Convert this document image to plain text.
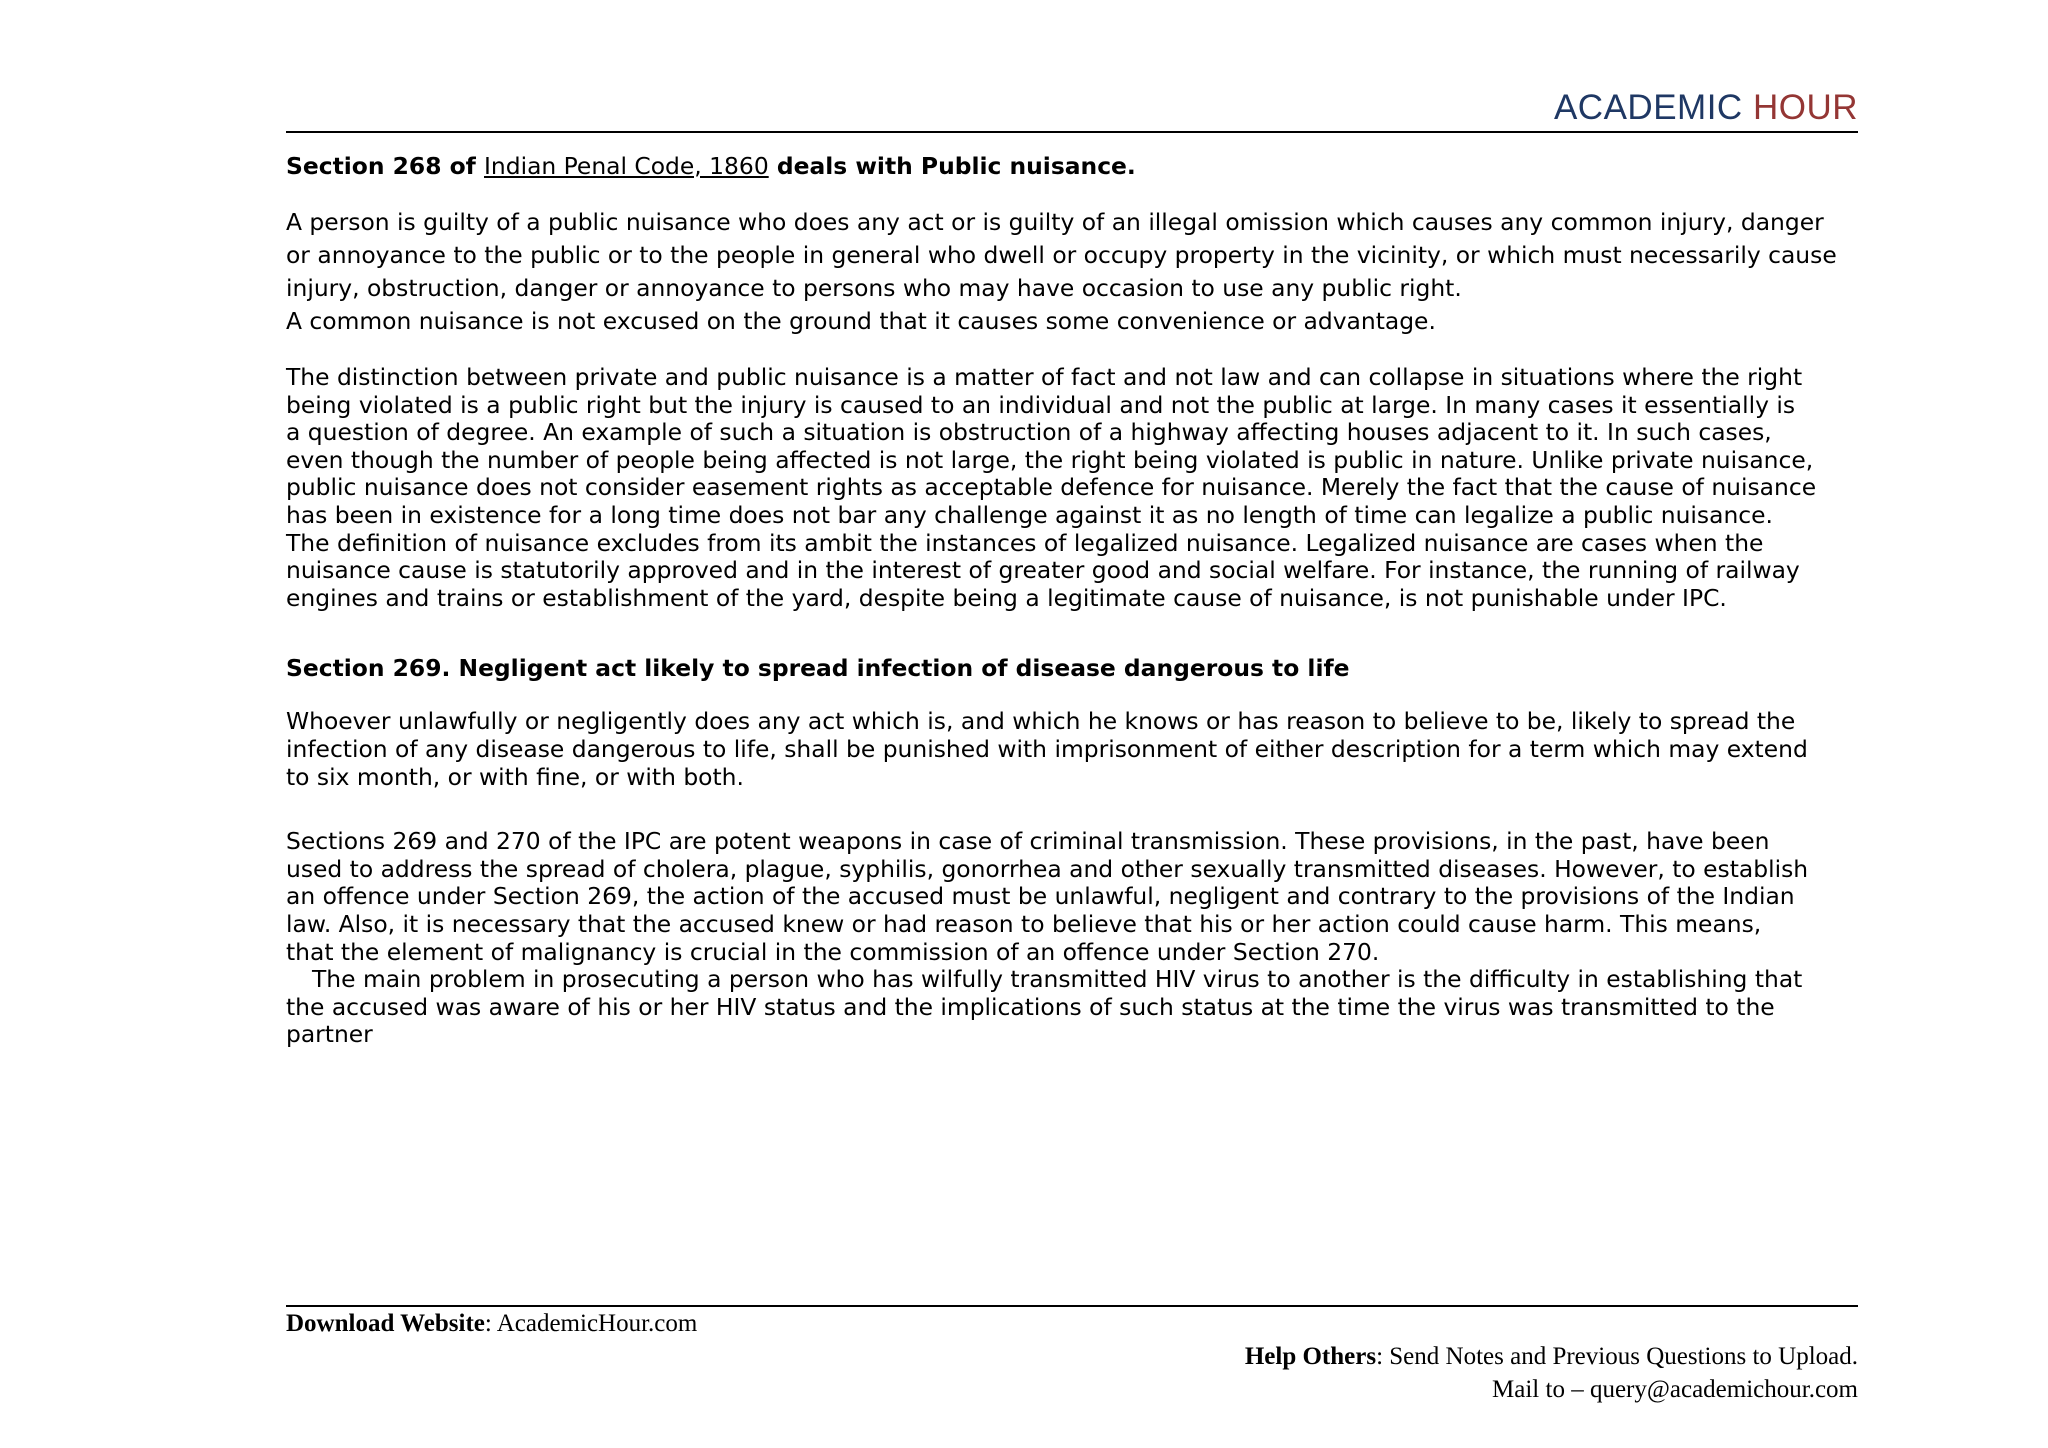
ACADEMIC HOUR

Section 268 of Indian Penal Code, 1860 deals with Public nuisance.

A person is guilty of a public nuisance who does any act or is guilty of an illegal omission which causes any common injury, danger

or annoyance to the public or to the people in general who dwell or occupy property in the vicinity, or which must necessarily cause

injury, obstruction, danger or annoyance to persons who may have occasion to use any public right.

A common nuisance is not excused on the ground that it causes some convenience or advantage.

The distinction between private and public nuisance is a matter of fact and not law and can collapse in situations where the right

being violated is a public right but the injury is caused to an individual and not the public at large. In many cases it essentially is

a question of degree. An example of such a situation is obstruction of a highway affecting houses adjacent to it. In such cases,

even though the number of people being affected is not large, the right being violated is public in nature. Unlike private nuisance,

public nuisance does not consider easement rights as acceptable defence for nuisance. Merely the fact that the cause of nuisance

has been in existence for a long time does not bar any challenge against it as no length of time can legalize a public nuisance.

The definition of nuisance excludes from its ambit the instances of legalized nuisance. Legalized nuisance are cases when the

nuisance cause is statutorily approved and in the interest of greater good and social welfare. For instance, the running of railway

engines and trains or establishment of the yard, despite being a legitimate cause of nuisance, is not punishable under IPC.

Section 269. Negligent act likely to spread infection of disease dangerous to life

Whoever unlawfully or negligently does any act which is, and which he knows or has reason to believe to be, likely to spread the

infection of any disease dangerous to life, shall be punished with imprisonment of either description for a term which may extend

to six month, or with fine, or with both.

Sections 269 and 270 of the IPC are potent weapons in case of criminal transmission. These provisions, in the past, have been

used to address the spread of cholera, plague, syphilis, gonorrhea and other sexually transmitted diseases. However, to establish

an offence under Section 269, the action of the accused must be unlawful, negligent and contrary to the provisions of the Indian

law. Also, it is necessary that the accused knew or had reason to believe that his or her action could cause harm. This means,

that the element of malignancy is crucial in the commission of an offence under Section 270.

The main problem in prosecuting a person who has wilfully transmitted HIV virus to another is the difficulty in establishing that

the accused was aware of his or her HIV status and the implications of such status at the time the virus was transmitted to the

partner

Download Website: AcademicHour.com
Help Others: Send Notes and Previous Questions to Upload.
Mail to – query@academichour.com
